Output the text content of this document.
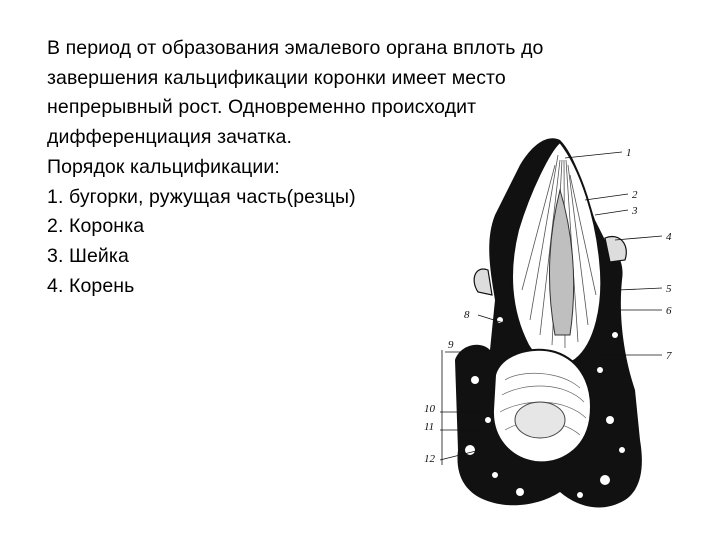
В период от образования эмалевого органа вплоть до
завершения кальцификации коронки имеет место
непрерывный рост. Одновременно происходит
дифференциация зачатка.
Порядок кальцификации:
1. бугорки, ружущая часть(резцы)
2. Коронка
3. Шейка
4. Корень
1
2
3
4
5
6
7
8
9
10
11
12
